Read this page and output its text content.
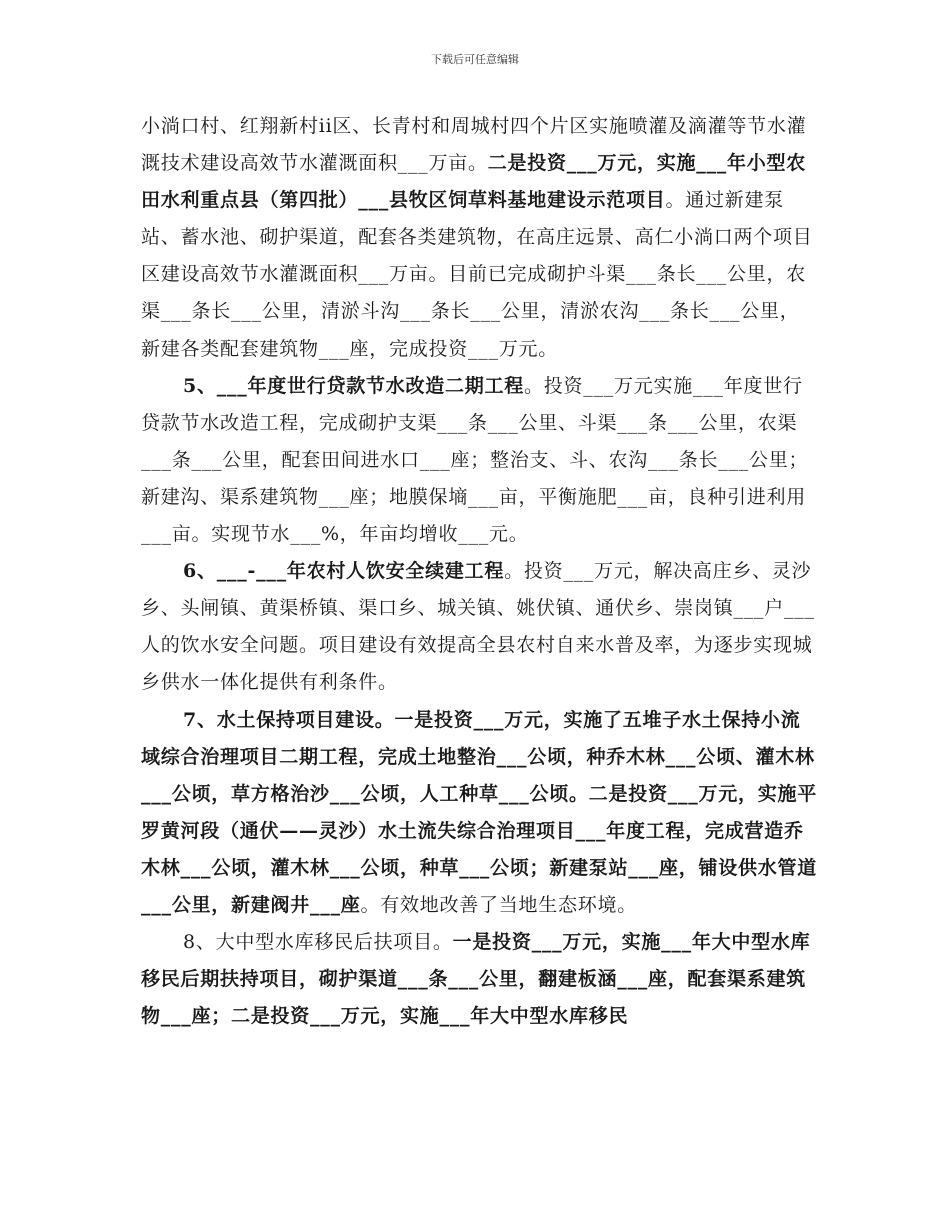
下载后可任意编辑

小淌口村、红翔新村ii区、长青村和周城村四个片区实施喷灌及滴灌等节水灌溉技术建设高效节水灌溉面积___万亩。二是投资___万元，实施___年小型农田水利重点县（第四批）___县牧区饲草料基地建设示范项目。通过新建泵站、蓄水池、砌护渠道，配套各类建筑物，在高庄远景、高仁小淌口两个项目区建设高效节水灌溉面积___万亩。目前已完成砌护斗渠___条长___公里，农渠___条长___公里，清淤斗沟___条长___公里，清淤农沟___条长___公里，新建各类配套建筑物___座，完成投资___万元。

5、___年度世行贷款节水改造二期工程。投资___万元实施___年度世行贷款节水改造工程，完成砌护支渠___条___公里、斗渠___条___公里，农渠___条___公里，配套田间进水口___座；整治支、斗、农沟___条长___公里；新建沟、渠系建筑物___座；地膜保墒___亩，平衡施肥___亩，良种引进利用___亩。实现节水___%，年亩均增收___元。

6、___-___年农村人饮安全续建工程。投资___万元，解决高庄乡、灵沙乡、头闸镇、黄渠桥镇、渠口乡、城关镇、姚伏镇、通伏乡、崇岗镇___户___人的饮水安全问题。项目建设有效提高全县农村自来水普及率，为逐步实现城乡供水一体化提供有利条件。

7、水土保持项目建设。一是投资___万元，实施了五堆子水土保持小流域综合治理项目二期工程，完成土地整治___公顷，种乔木林___公顷、灌木林___公顷，草方格治沙___公顷，人工种草___公顷。二是投资___万元，实施平罗黄河段（通伏——灵沙）水土流失综合治理项目___年度工程，完成营造乔木林___公顷，灌木林___公顷，种草___公顷；新建泵站___座，铺设供水管道___公里，新建阀井___座。有效地改善了当地生态环境。

8、大中型水库移民后扶项目。一是投资___万元，实施___年大中型水库移民后期扶持项目，砌护渠道___条___公里，翻建板涵___座，配套渠系建筑物___座；二是投资___万元，实施___年大中型水库移民
